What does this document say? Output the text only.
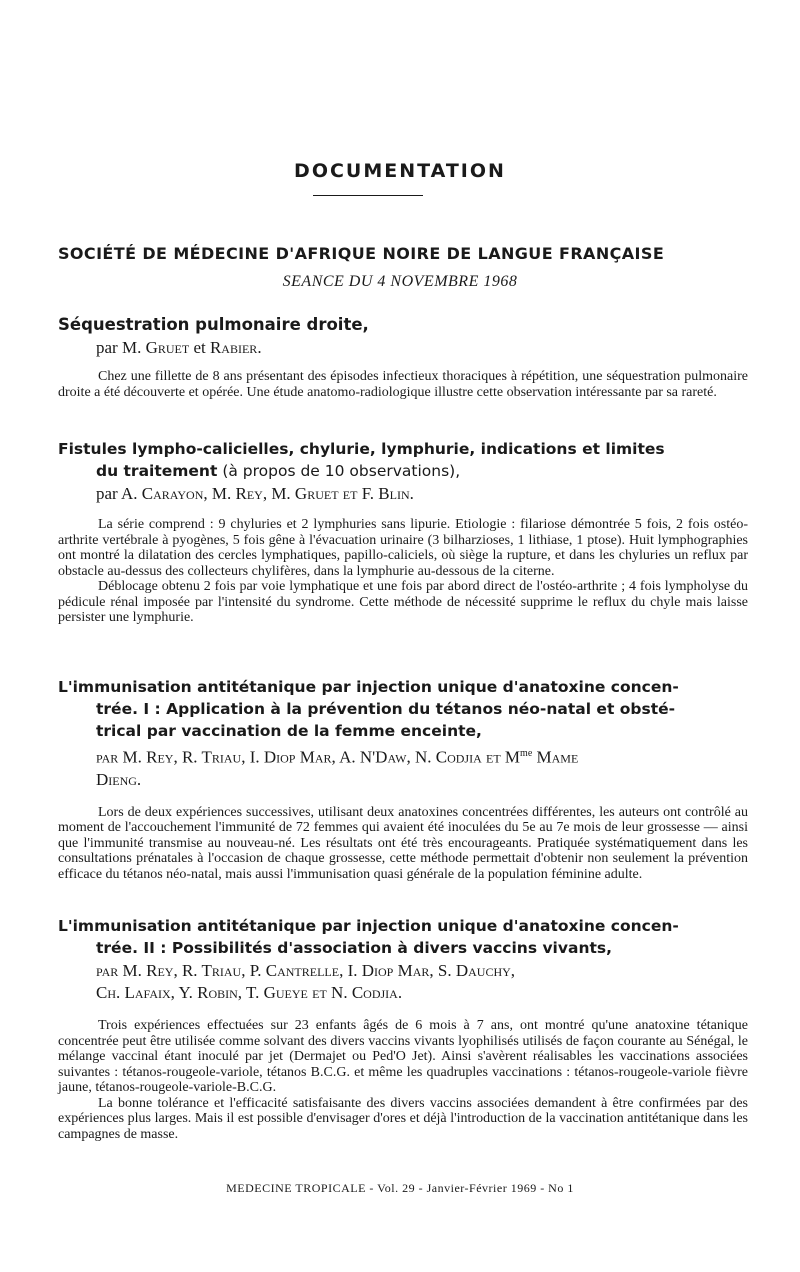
DOCUMENTATION
SOCIÉTÉ DE MÉDECINE D'AFRIQUE NOIRE DE LANGUE FRANÇAISE
SEANCE DU 4 NOVEMBRE 1968
Séquestration pulmonaire droite,
par M. Gruet et Rabier.

Chez une fillette de 8 ans présentant des épisodes infectieux thoraciques à répétition, une séquestration pulmonaire droite a été découverte et opérée. Une étude anatomo-radiologique illustre cette observation intéressante par sa rareté.

Fistules lympho-calicielles, chylurie, lymphurie, indications et limites
du traitement (à propos de 10 observations),
par A. Carayon, M. Rey, M. Gruet et F. Blin.

La série comprend : 9 chyluries et 2 lymphuries sans lipurie. Etiologie : filariose démontrée 5 fois, 2 fois ostéo-arthrite vertébrale à pyogènes, 5 fois gêne à l'évacuation urinaire (3 bilharzioses, 1 lithiase, 1 ptose). Huit lymphographies ont montré la dilatation des cercles lymphatiques, papillo-caliciels, où siège la rupture, et dans les chyluries un reflux par obstacle au-dessus des collecteurs chylifères, dans la lymphurie au-dessous de la citerne.

Déblocage obtenu 2 fois par voie lymphatique et une fois par abord direct de l'ostéo-arthrite ; 4 fois lympholyse du pédicule rénal imposée par l'intensité du syndrome. Cette méthode de nécessité supprime le reflux du chyle mais laisse persister une lymphurie.

L'immunisation antitétanique par injection unique d'anatoxine concen-
trée. I : Application à la prévention du tétanos néo-natal et obsté-
trical par vaccination de la femme enceinte,
par M. Rey, R. Triau, I. Diop Mar, A. N'Daw, N. Codjia et $M^{me}$ Mame
Dieng.

Lors de deux expériences successives, utilisant deux anatoxines concentrées différentes, les auteurs ont contrôlé au moment de l'accouchement l'immunité de 72 femmes qui avaient été inoculées du 5e au 7e mois de leur grossesse — ainsi que l'immunité transmise au nouveau-né. Les résultats ont été très encourageants. Pratiquée systématiquement dans les consultations prénatales à l'occasion de chaque grossesse, cette méthode permettait d'obtenir non seulement la prévention efficace du tétanos néo-natal, mais aussi l'immunisation quasi générale de la population féminine adulte.

L'immunisation antitétanique par injection unique d'anatoxine concen-
trée. II : Possibilités d'association à divers vaccins vivants,
par M. Rey, R. Triau, P. Cantrelle, I. Diop Mar, S. Dauchy,
Ch. Lafaix, Y. Robin, T. Gueye et N. Codjia.

Trois expériences effectuées sur 23 enfants âgés de 6 mois à 7 ans, ont montré qu'une anatoxine tétanique concentrée peut être utilisée comme solvant des divers vaccins vivants lyophilisés utilisés de façon courante au Sénégal, le mélange vaccinal étant inoculé par jet (Dermajet ou Ped'O Jet). Ainsi s'avèrent réalisables les vaccinations associées suivantes : tétanos-rougeole-variole, tétanos B.C.G. et même les quadruples vaccinations : tétanos-rougeole-variole fièvre jaune, tétanos-rougeole-variole-B.C.G.

La bonne tolérance et l'efficacité satisfaisante des divers vaccins associées demandent à être confirmées par des expériences plus larges. Mais il est possible d'envisager d'ores et déjà l'introduction de la vaccination antitétanique dans les campagnes de masse.

MEDECINE TROPICALE - Vol. 29 - Janvier-Février 1969 - No 1
